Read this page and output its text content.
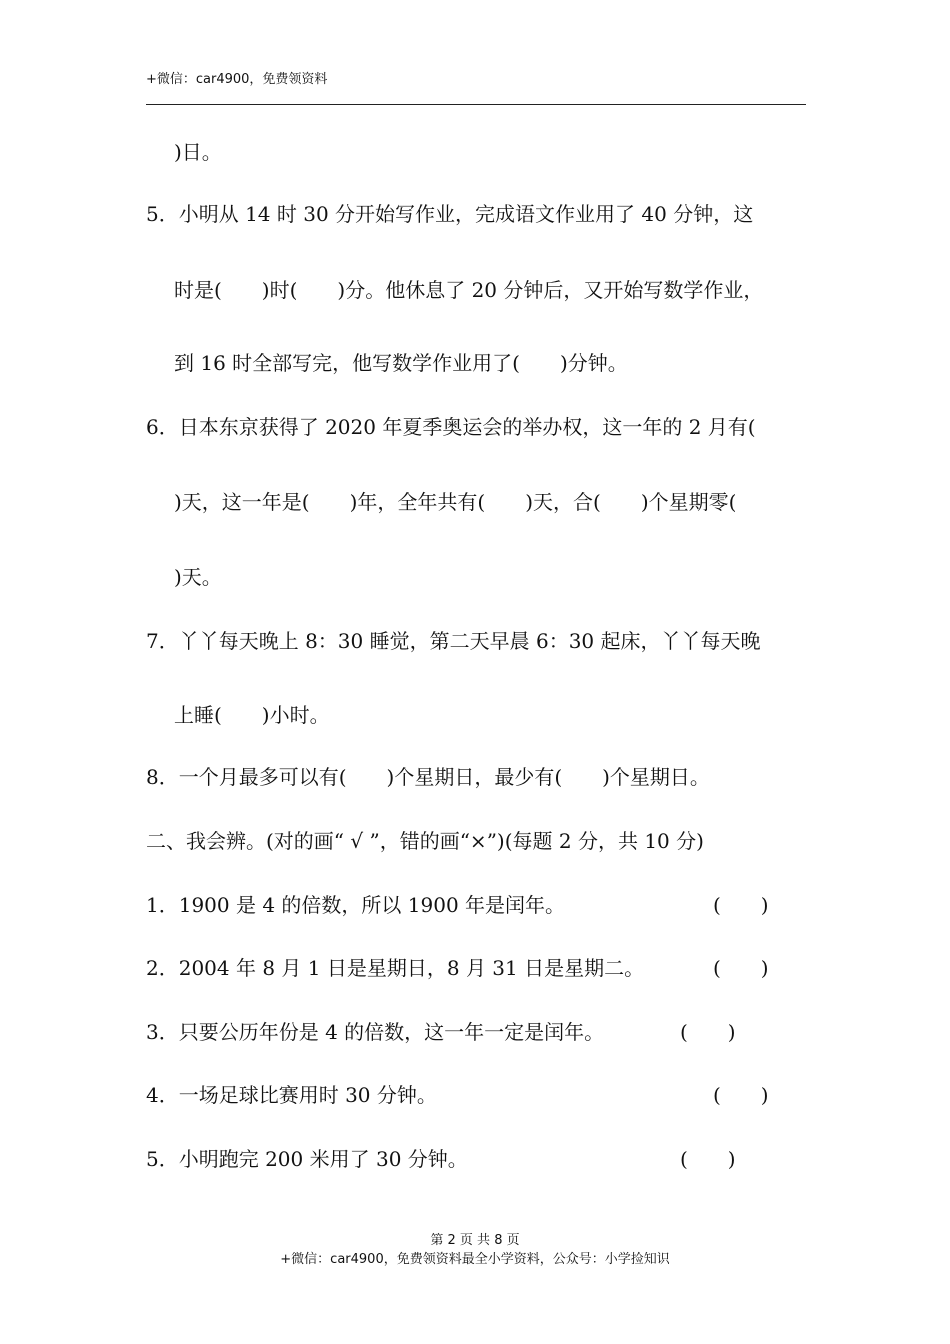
+微信：car4900，免费领资料
)日。
5．小明从 14 时 30 分开始写作业，完成语文作业用了 40 分钟，这
时是(　　)时(　　)分。他休息了 20 分钟后，又开始写数学作业，
到 16 时全部写完，他写数学作业用了(　　)分钟。
6．日本东京获得了 2020 年夏季奥运会的举办权，这一年的 2 月有(
)天，这一年是(　　)年，全年共有(　　)天，合(　　)个星期零(
)天。
7．丫丫每天晚上 8：30 睡觉，第二天早晨 6：30 起床，丫丫每天晚
上睡(　　)小时。
8．一个月最多可以有(　　)个星期日，最少有(　　)个星期日。
二、我会辨。(对的画“ √ ”，错的画“×”)(每题 2 分，共 10 分)
1．1900 是 4 的倍数，所以 1900 年是闰年。	(　　)
2．2004 年 8 月 1 日是星期日，8 月 31 日是星期二。	(　　)
3．只要公历年份是 4 的倍数，这一年一定是闰年。	(　　)
4．一场足球比赛用时 30 分钟。	(　　)
5．小明跑完 200 米用了 30 分钟。	(　　)
第 2 页 共 8 页
+微信：car4900，免费领资料最全小学资料，公众号：小学捡知识
